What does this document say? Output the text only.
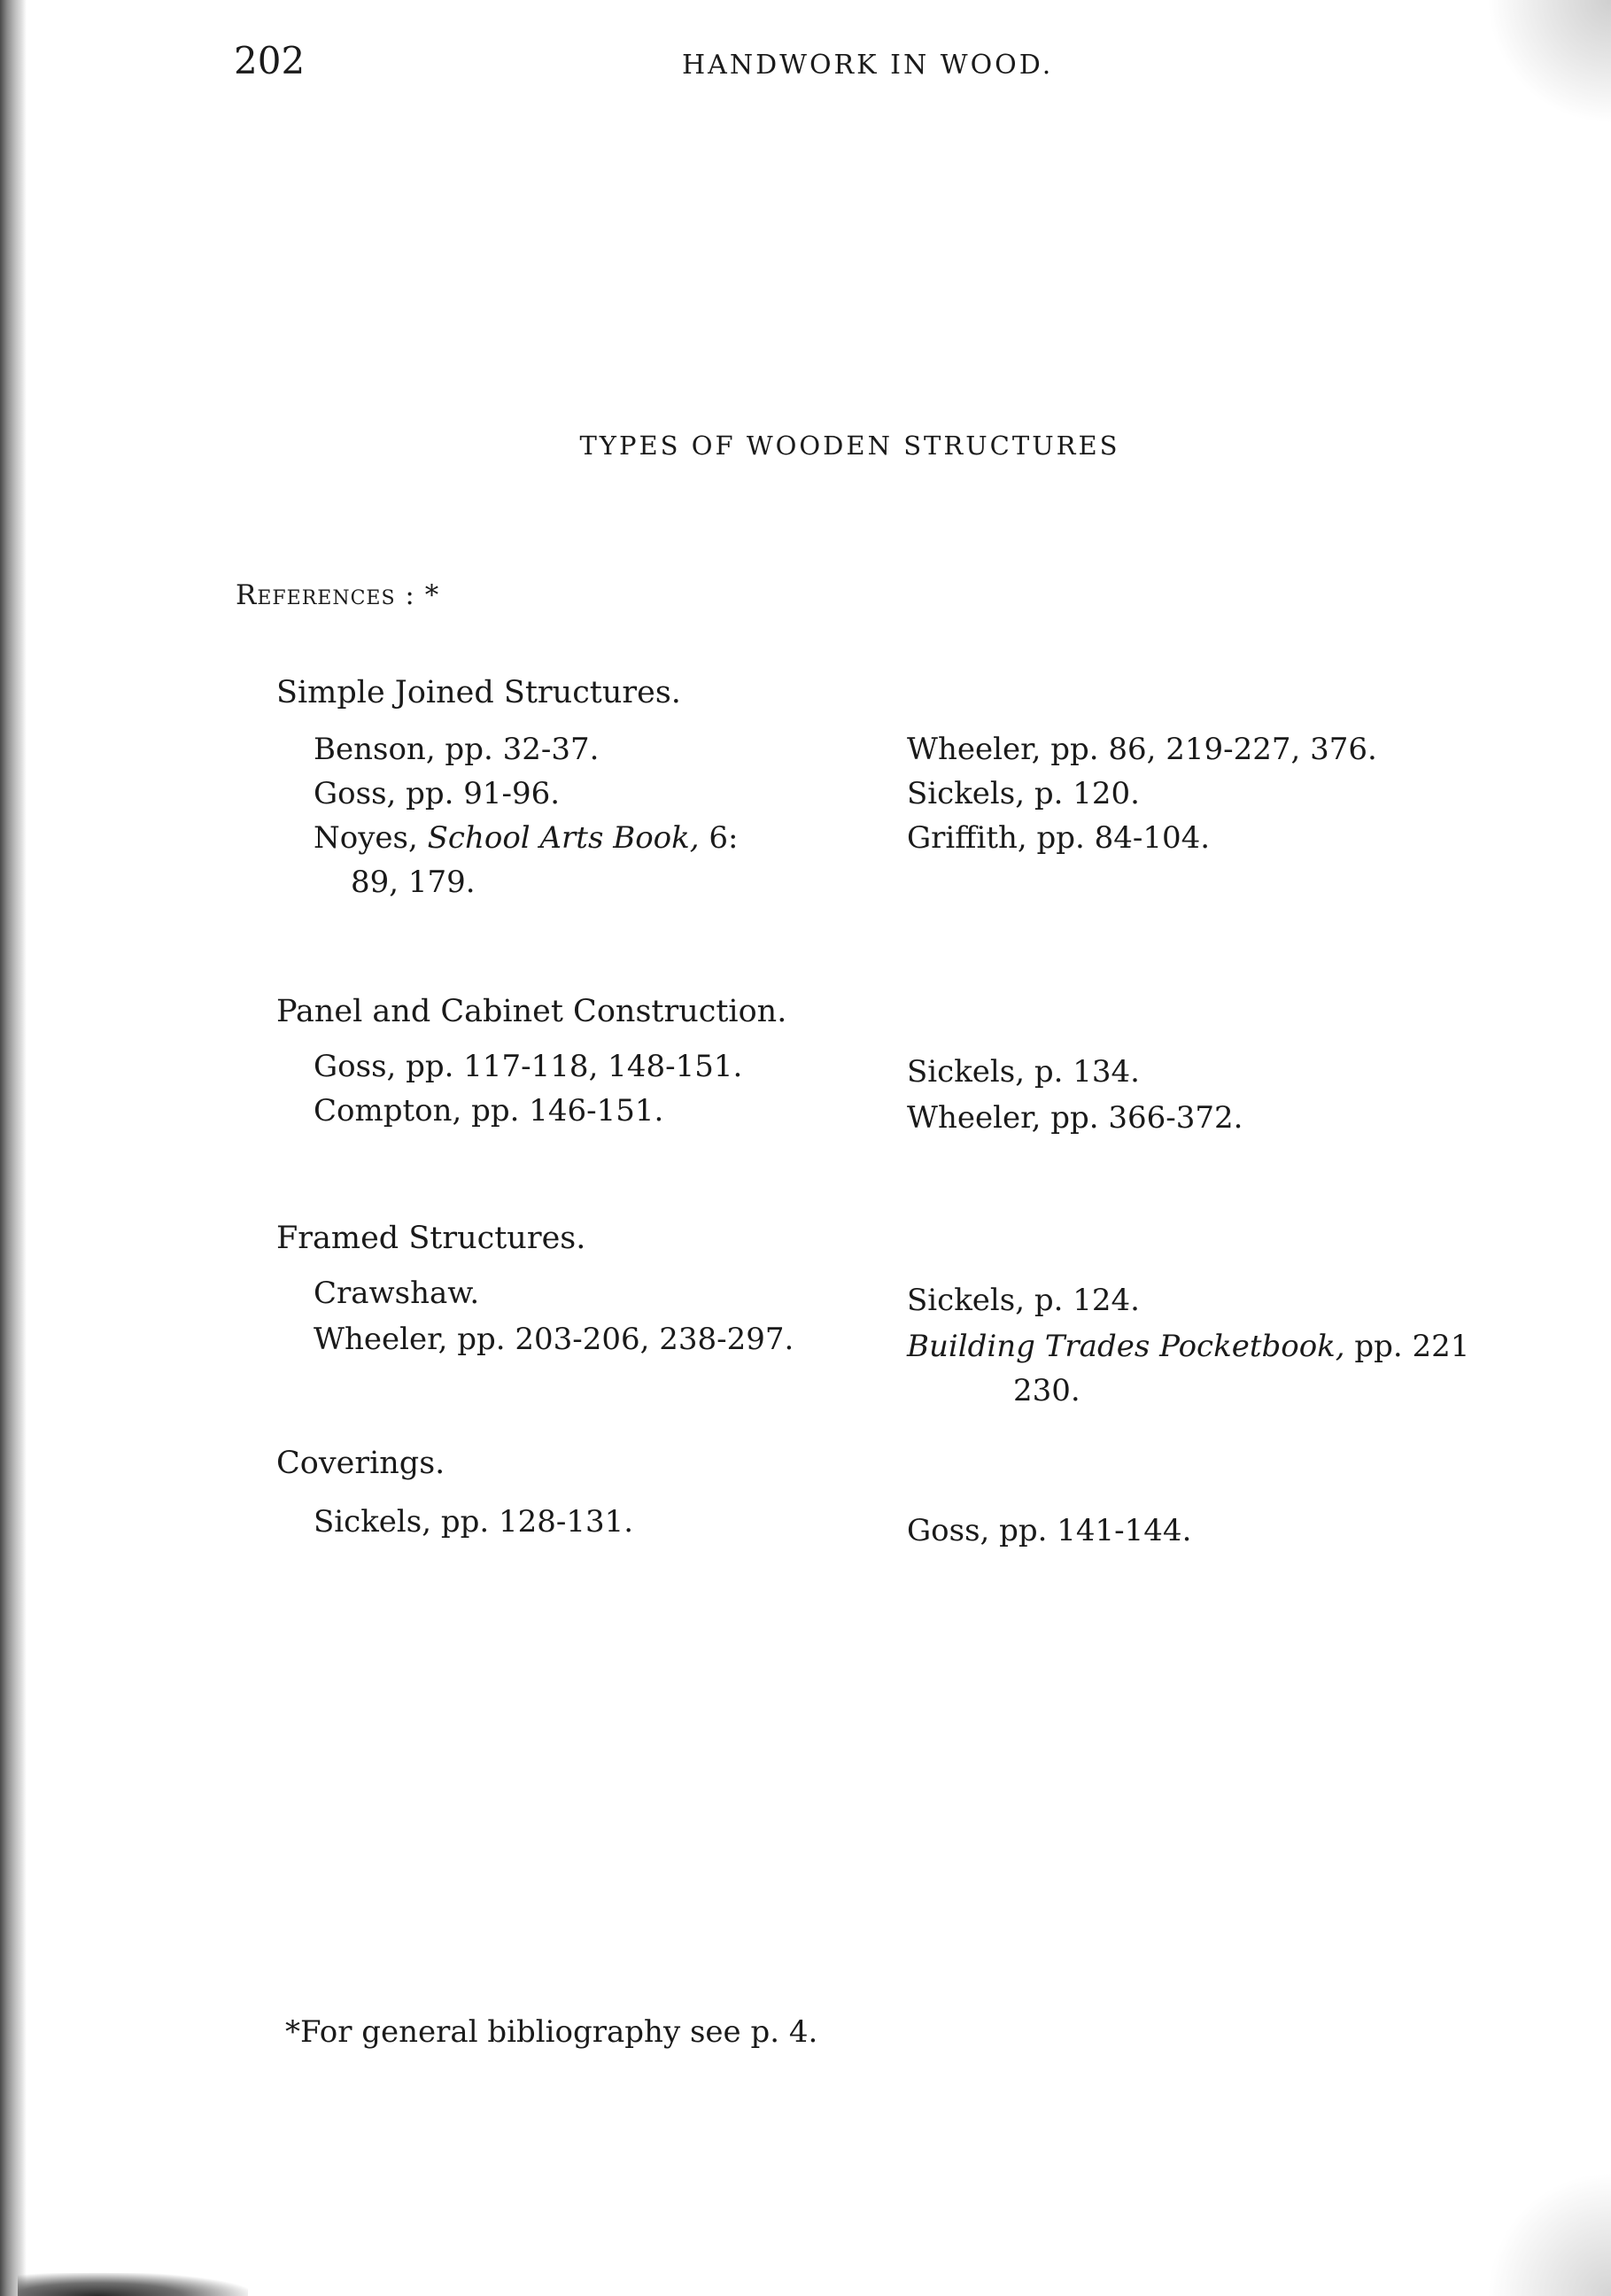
202	HANDWORK IN WOOD.
TYPES OF WOODEN STRUCTURES
References : *
Simple Joined Structures.
Benson, pp. 32-37.
Goss, pp. 91-96.
Noyes, School Arts Book, 6:
89, 179.
Wheeler, pp. 86, 219-227, 376.
Sickels, p. 120.
Griffith, pp. 84-104.
Panel and Cabinet Construction.
Goss, pp. 117-118, 148-151.
Compton, pp. 146-151.
Sickels, p. 134.
Wheeler, pp. 366-372.
Framed Structures.
Crawshaw.
Wheeler, pp. 203-206, 238-297.
Sickels, p. 124.
Building Trades Pocketbook, pp. 221
230.
Coverings.
Sickels, pp. 128-131.	Goss, pp. 141-144.
*For general bibliography see p. 4.
